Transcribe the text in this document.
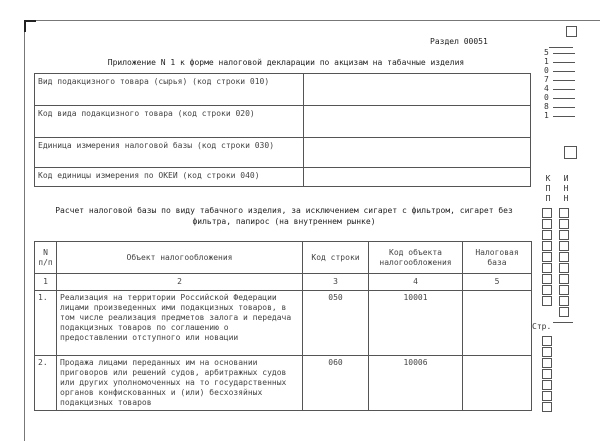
Раздел 00051
Приложение N 1 к форме налоговой декларации по акцизам на табачные изделия
Вид подакцизного товара (сырья) (код строки 010)	
Код вида подакцизного товара (код строки 020)	
Единица измерения налоговой базы (код строки 030)	
Код единицы измерения по ОКЕИ (код строки 040)	
Расчет налоговой базы по виду табачного изделия, за исключением сигарет с фильтром, сигарет без фильтра, папирос (на внутреннем рынке)
N п/п	Объект налогообложения	Код строки	Код объекта налогообложения	Налоговая база
1	2	3	4	5
1.	Реализация на территории Российской Федерации лицами произведенных ими подакцизных товаров, в том числе реализация предметов залога и передача подакцизных товаров по соглашению о предоставлении отступного или новации	050	10001	
2.	Продажа лицами переданных им на основании приговоров или решений судов, арбитражных судов или других уполномоченных на то государственных органов конфискованных и (или) бесхозяйных подакцизных товаров	060	10006	
5
1
0
7
4
0
8
1
К
П
П
И
Н
Н
Стр.
